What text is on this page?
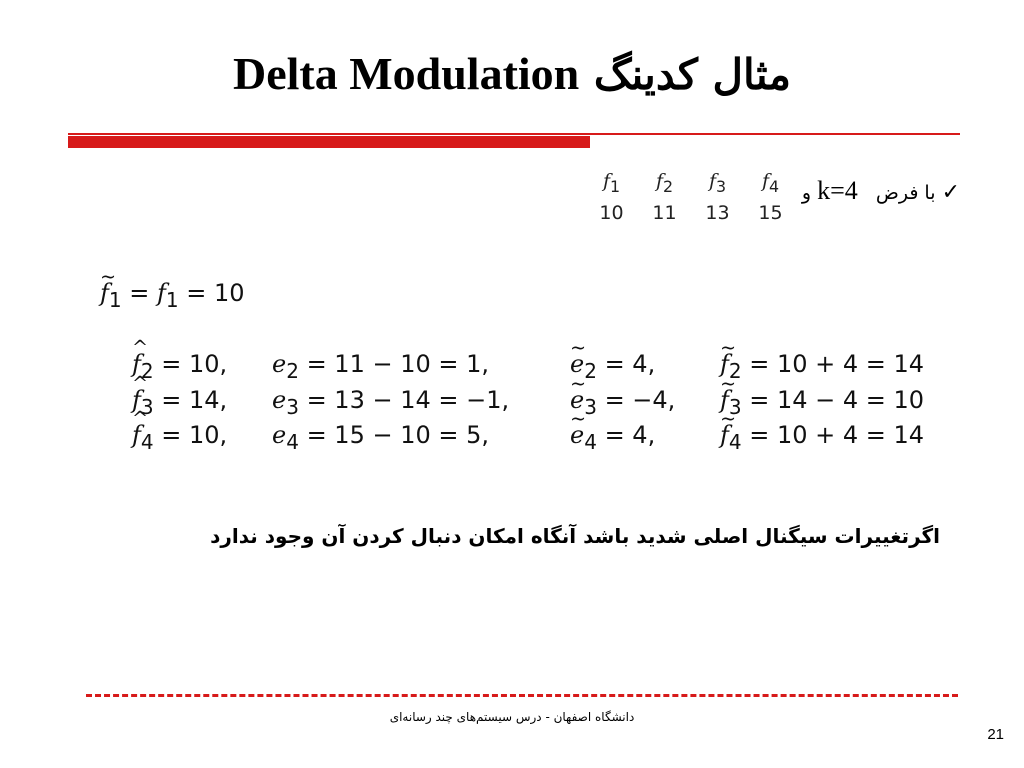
Delta Modulation مثال کدینگ
$f_1$	$f_2$	$f_3$	$f_4$
10	11	13	15
✓ با فرض   k=4 و
~ $f_1 = f_1 = 10$
^ $f_2 = 10$, $e_2 = 11 - 10 = 1$,	~ $e_2 = 4$,	~ $f_2 = 10 + 4 = 14$
^ $f_3 = 14$, $e_3 = 13 - 14 = -1$,	~ $e_3 = -4$, ~ $f_3 = 14 - 4 = 10$
^ $f_4 = 10$, $e_4 = 15 - 10 = 5$,	~ $e_4 = 4$,	~ $f_4 = 10 + 4 = 14$
اگرتغییرات سیگنال اصلی شدید باشد آنگاه امکان دنبال کردن آن وجود ندارد
دانشگاه اصفهان - درس سیستم‌های چند رسانه‌ای
21
